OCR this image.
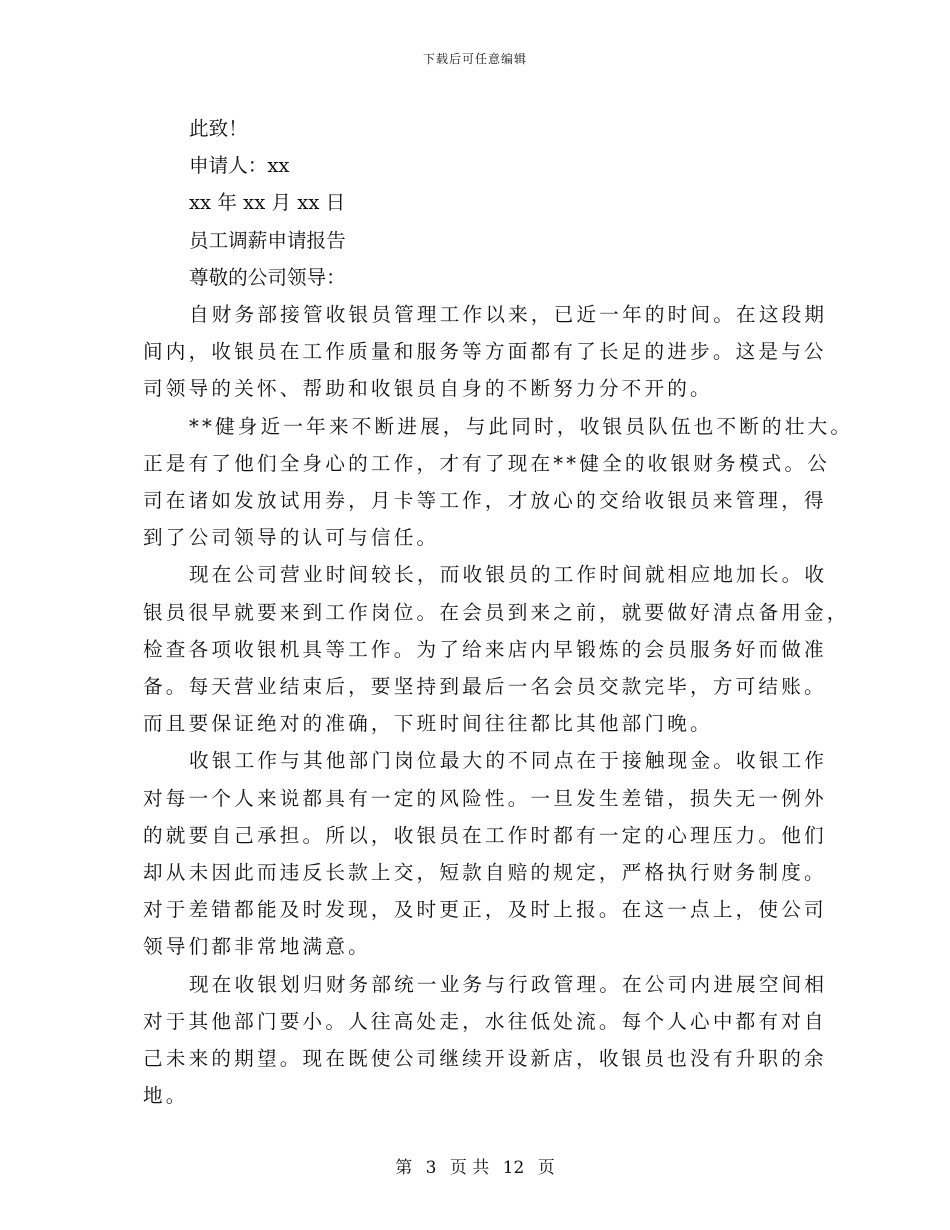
下载后可任意编辑
此致！
申请人：xx
xx 年 xx 月 xx 日
员工调薪申请报告
尊敬的公司领导：
自财务部接管收银员管理工作以来，已近一年的时间。在这段期
间内，收银员在工作质量和服务等方面都有了长足的进步。这是与公
司领导的关怀、帮助和收银员自身的不断努力分不开的。
**健身近一年来不断进展，与此同时，收银员队伍也不断的壮大。
正是有了他们全身心的工作，才有了现在**健全的收银财务模式。公
司在诸如发放试用券，月卡等工作，才放心的交给收银员来管理，得
到了公司领导的认可与信任。
现在公司营业时间较长，而收银员的工作时间就相应地加长。收
银员很早就要来到工作岗位。在会员到来之前，就要做好清点备用金，
检查各项收银机具等工作。为了给来店内早锻炼的会员服务好而做准
备。每天营业结束后，要坚持到最后一名会员交款完毕，方可结账。
而且要保证绝对的准确，下班时间往往都比其他部门晚。
收银工作与其他部门岗位最大的不同点在于接触现金。收银工作
对每一个人来说都具有一定的风险性。一旦发生差错，损失无一例外
的就要自己承担。所以，收银员在工作时都有一定的心理压力。他们
却从未因此而违反长款上交，短款自赔的规定，严格执行财务制度。
对于差错都能及时发现，及时更正，及时上报。在这一点上，使公司
领导们都非常地满意。
现在收银划归财务部统一业务与行政管理。在公司内进展空间相
对于其他部门要小。人往高处走，水往低处流。每个人心中都有对自
己未来的期望。现在既使公司继续开设新店，收银员也没有升职的余
地。
第 3 页 共 12 页
